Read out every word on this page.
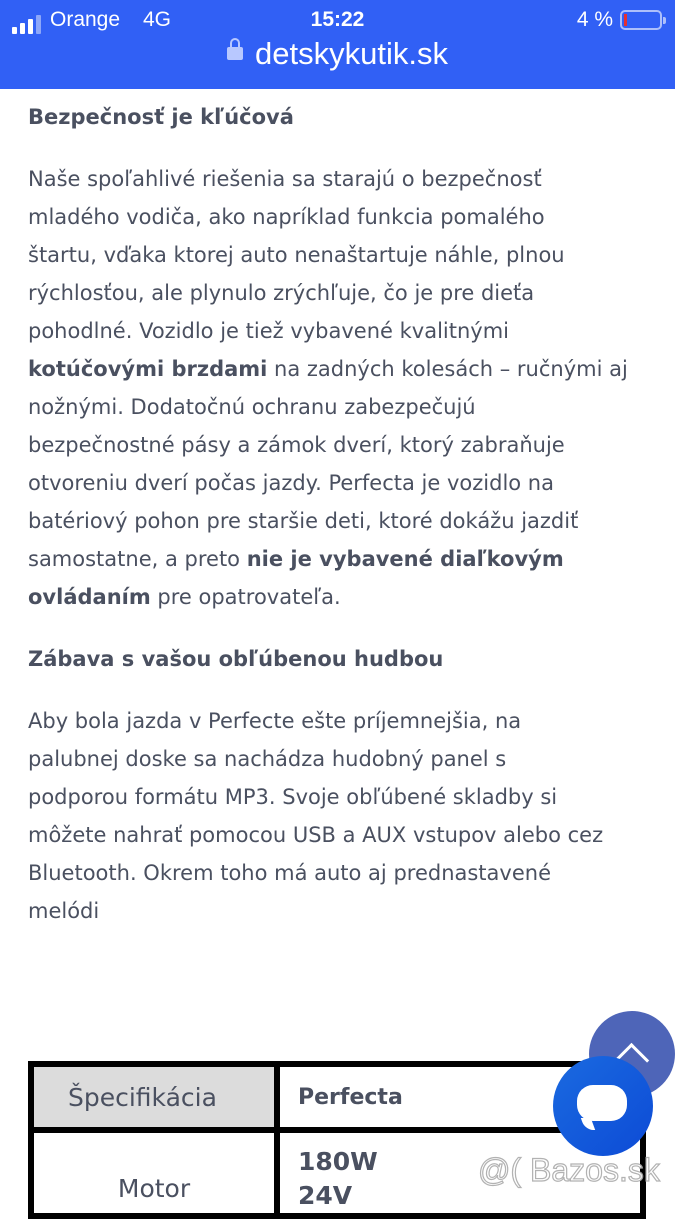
Orange 4G	15:22	4 %
detskykutik.sk
Bezpečnosť je kľúčová
Naše spoľahlivé riešenia sa starajú o bezpečnosť
mladého vodiča, ako napríklad funkcia pomalého
štartu, vďaka ktorej auto nenaštartuje náhle, plnou
rýchlosťou, ale plynulo zrýchľuje, čo je pre dieťa
pohodlné. Vozidlo je tiež vybavené kvalitnými
kotúčovými brzdami na zadných kolesách – ručnými aj
nožnými. Dodatočnú ochranu zabezpečujú
bezpečnostné pásy a zámok dverí, ktorý zabraňuje
otvoreniu dverí počas jazdy. Perfecta je vozidlo na
batériový pohon pre staršie deti, ktoré dokážu jazdiť
samostatne, a preto nie je vybavené diaľkovým
ovládaním pre opatrovateľa.
Zábava s vašou obľúbenou hudbou
Aby bola jazda v Perfecte ešte príjemnejšia, na
palubnej doske sa nachádza hudobný panel s
podporou formátu MP3. Svoje obľúbené skladby si
môžete nahrať pomocou USB a AUX vstupov alebo cez
Bluetooth. Okrem toho má auto aj prednastavené
melódi
Špecifikácia	Perfecta
Motor	180W
24V
@( Bazos.sk
